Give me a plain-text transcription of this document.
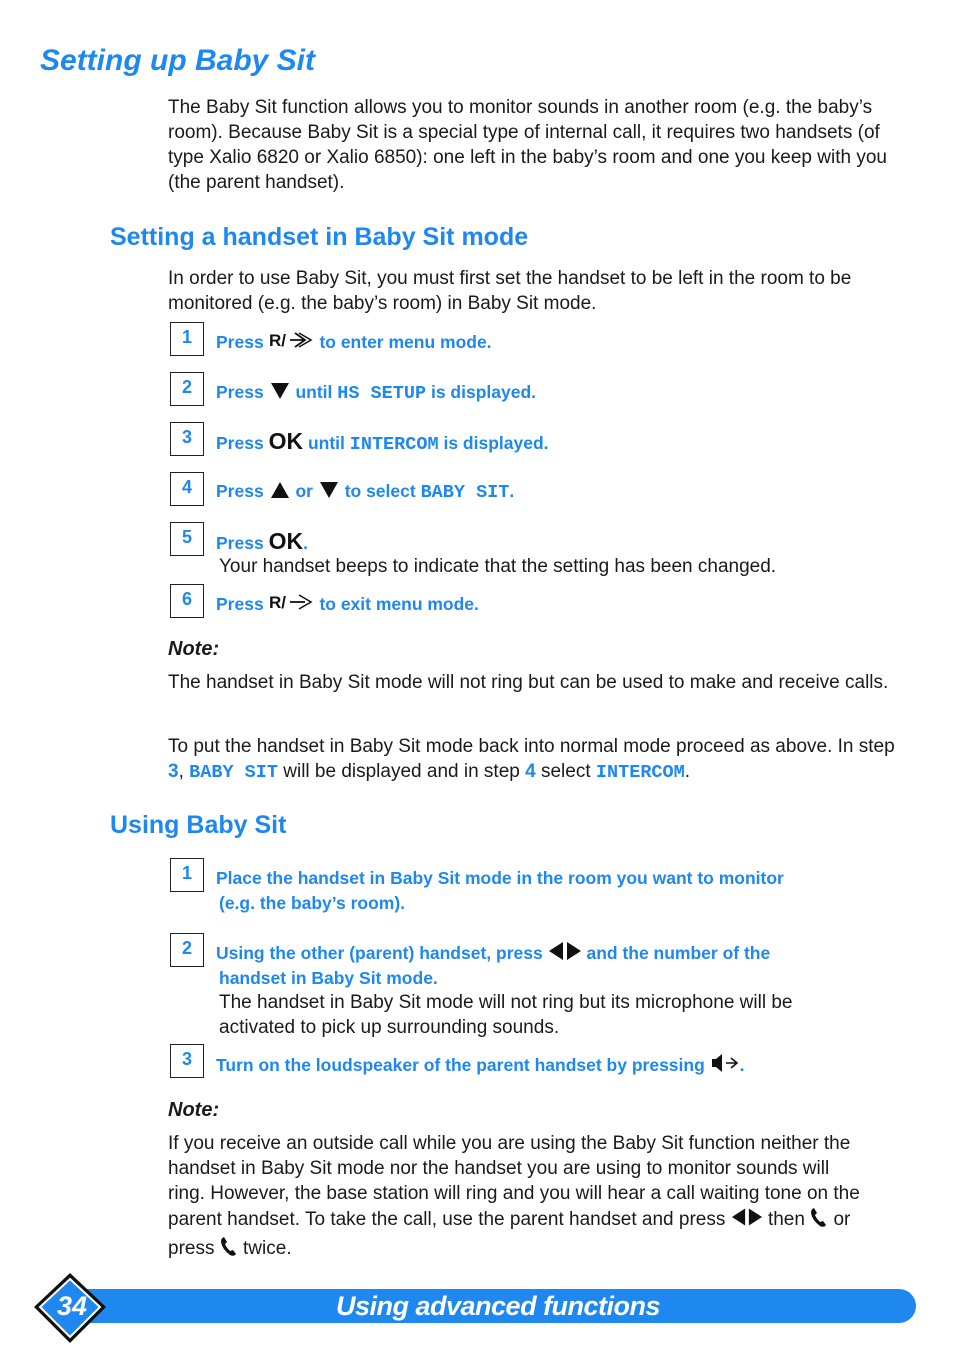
Setting up Baby Sit
The Baby Sit function allows you to monitor sounds in another room (e.g. the baby’s room). Because Baby Sit is a special type of internal call, it requires two handsets (of type Xalio 6820 or Xalio 6850): one left in the baby’s room and one you keep with you (the parent handset).
Setting a handset in Baby Sit mode
In order to use Baby Sit, you must first set the handset to be left in the room to be monitored (e.g. the baby’s room) in Baby Sit mode.
1	Press R/ to enter menu mode.
2	Press until HS SETUP is displayed.
3	Press OK until INTERCOM is displayed.
4	Press or to select BABY SIT.
5	Press OK.
Your handset beeps to indicate that the setting has been changed.
6	Press R/ to exit menu mode.
Note:
The handset in Baby Sit mode will not ring but can be used to make and receive calls.
To put the handset in Baby Sit mode back into normal mode proceed as above. In step 3, BABY SIT will be displayed and in step 4 select INTERCOM.
Using Baby Sit
1	Place the handset in Baby Sit mode in the room you want to monitor
(e.g. the baby’s room).
2	Using the other (parent) handset, press	and the number of the
handset in Baby Sit mode.
The handset in Baby Sit mode will not ring but its microphone will be
activated to pick up surrounding sounds.
3	Turn on the loudspeaker of the parent handset by pressing .
Note:
If you receive an outside call while you are using the Baby Sit function neither the
handset in Baby Sit mode nor the handset you are using to monitor sounds will
ring. However, the base station will ring and you will hear a call waiting tone on the
parent handset. To take the call, use the parent handset and press then or
press twice.
34	Using advanced functions
